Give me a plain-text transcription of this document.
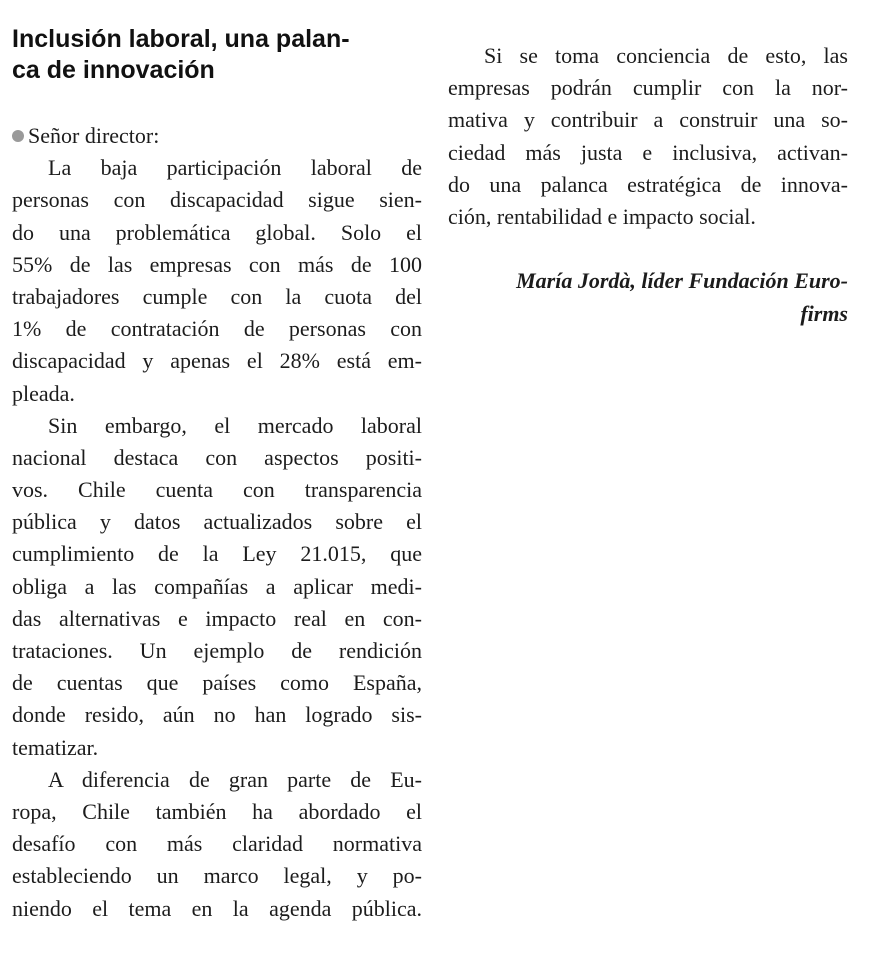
Inclusión laboral, una palan-
ca de innovación
Señor director:
La baja participación laboral de
personas con discapacidad sigue sien-
do una problemática global. Solo el
55% de las empresas con más de 100
trabajadores cumple con la cuota del
1% de contratación de personas con
discapacidad y apenas el 28% está em-
pleada.
Sin embargo, el mercado laboral
nacional destaca con aspectos positi-
vos. Chile cuenta con transparencia
pública y datos actualizados sobre el
cumplimiento de la Ley 21.015, que
obliga a las compañías a aplicar medi-
das alternativas e impacto real en con-
trataciones. Un ejemplo de rendición
de cuentas que países como España,
donde resido, aún no han logrado sis-
tematizar.
A diferencia de gran parte de Eu-
ropa, Chile también ha abordado el
desafío con más claridad normativa
estableciendo un marco legal, y po-
niendo el tema en la agenda pública.
Si se toma conciencia de esto, las
empresas podrán cumplir con la nor-
mativa y contribuir a construir una so-
ciedad más justa e inclusiva, activan-
do una palanca estratégica de innova-
ción, rentabilidad e impacto social.
María Jordà, líder Fundación Euro-
firms
